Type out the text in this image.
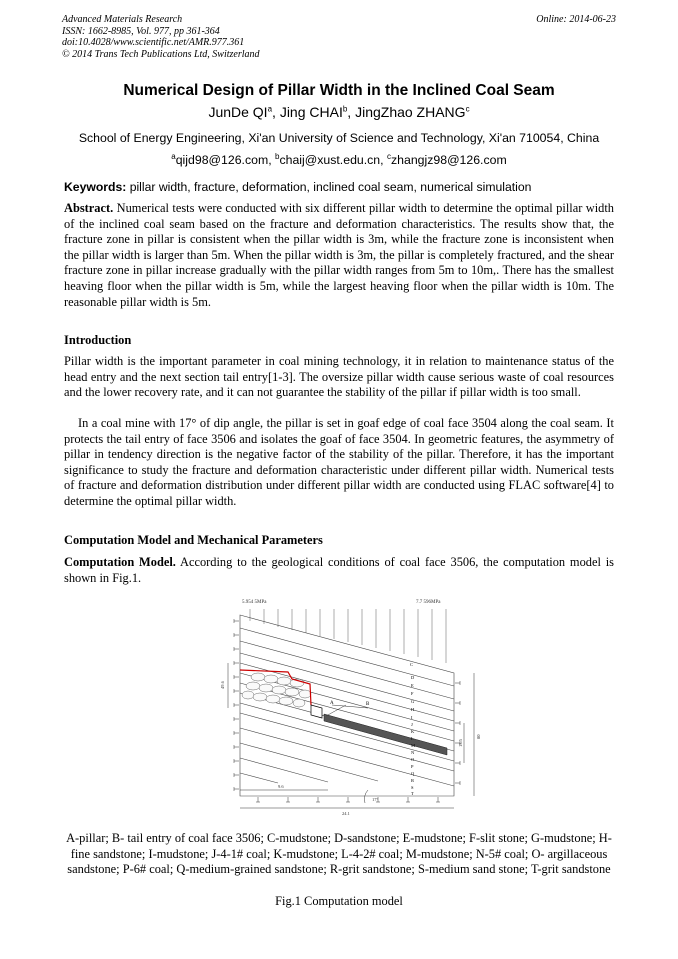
Advanced Materials Research
ISSN: 1662-8985, Vol. 977, pp 361-364
doi:10.4028/www.scientific.net/AMR.977.361
© 2014 Trans Tech Publications Ltd, Switzerland
Online: 2014-06-23
Numerical Design of Pillar Width in the Inclined Coal Seam
JunDe $QI^a$, Jing CHAI$^b$, JingZhao ZHANG$^c$
School of Energy Engineering, Xi'an University of Science and Technology, Xi'an 710054, China
$^a$qijd98@126.com, $^b$chaij@xust.edu.cn, $^c$zhangjz98@126.com
Keywords: pillar width, fracture, deformation, inclined coal seam, numerical simulation
Abstract. Numerical tests were conducted with six different pillar width to determine the optimal pillar width of the inclined coal seam based on the fracture and deformation characteristics. The results show that, the fracture zone in pillar is consistent when the pillar width is 3m, while the fracture zone is inconsistent when the pillar width is larger than 5m. When the pillar width is 3m, the pillar is completely fractured, and the shear fracture zone in pillar increase gradually with the pillar width ranges from 5m to 10m,. There has the smallest heaving floor when the pillar width is 5m, while the largest heaving floor when the pillar width is 10m. The reasonable pillar width is 5m.
Introduction
Pillar width is the important parameter in coal mining technology, it in relation to maintenance status of the head entry and the next section tail entry[1-3]. The oversize pillar width cause serious waste of coal resources and the lower recovery rate, and it can not guarantee the stability of the pillar if pillar width is too small.
In a coal mine with 17° of dip angle, the pillar is set in goaf edge of coal face 3504 along the coal seam. It protects the tail entry of face 3506 and isolates the goaf of face 3504. In geometric features, the asymmetry of pillar in tendency direction is the negative factor of the stability of the pillar. Therefore, it has the important significance to study the fracture and deformation characteristic under different pillar width. Numerical tests of fracture and deformation distribution under different pillar width are conducted using FLAC software[4] to determine the optimal pillar width.
Computation Model and Mechanical Parameters
Computation Model. According to the geological conditions of coal face 3506, the computation model is shown in Fig.1.
5.954 5MPa	7.7 596MPa
A	B
C
D
E
F
G
H
I
J
K
L
M
N
O
P
Q
R
S
T
49.6
13.5
80
9.6
24.1
17°
A-pillar; B- tail entry of coal face 3506; C-mudstone; D-sandstone; E-mudstone; F-slit stone; G-mudstone; H-fine sandstone; I-mudstone; J-4-1# coal; K-mudstone; L-4-2# coal; M-mudstone; N-5# coal; O- argillaceous sandstone; P-6# coal; Q-medium-grained sandstone; R-grit sandstone; S-medium sand stone; T-grit sandstone
Fig.1 Computation model
